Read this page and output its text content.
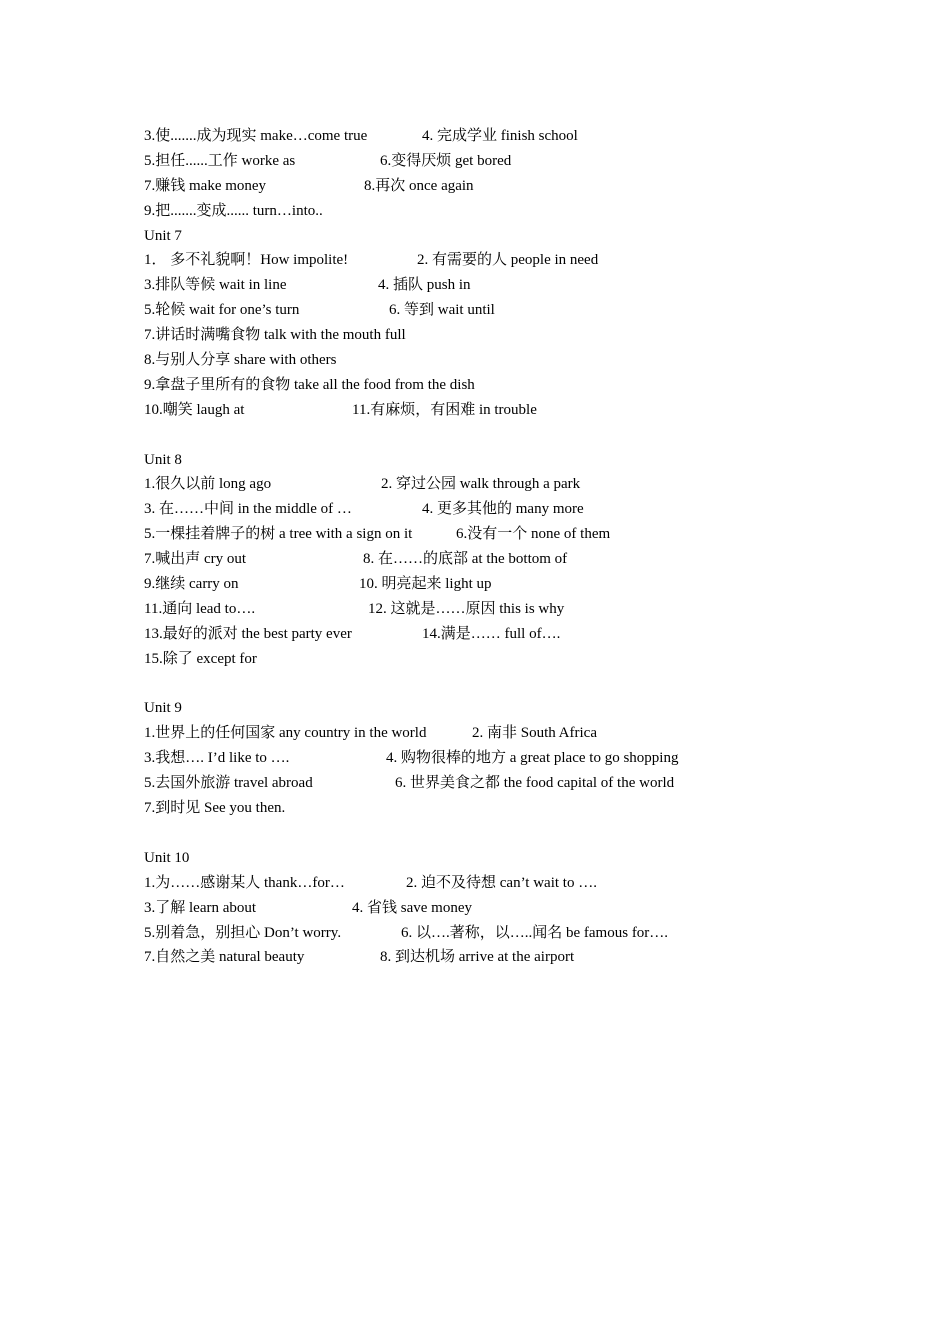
3.使.......成为现实 make…come true	4. 完成学业 finish school
5.担任......工作 worke as	6.变得厌烦 get bored
7.赚钱 make money	8.再次 once again
9.把.......变成...... turn…into..
Unit 7
1． 多不礼貌啊！How impolite!	2. 有需要的人 people in need
3.排队等候 wait in line	4. 插队 push in
5.轮候 wait for one’s turn	6. 等到 wait until
7.讲话时满嘴食物 talk with the mouth full
8.与别人分享 share with others
9.拿盘子里所有的食物 take all the food from the dish
10.嘲笑 laugh at	11.有麻烦，有困难 in trouble
Unit 8
1.很久以前 long ago	2. 穿过公园 walk through a park
3. 在……中间 in the middle of …	4. 更多其他的 many more
5.一棵挂着牌子的树 a tree with a sign on it	6.没有一个 none of them
7.喊出声 cry out	8. 在……的底部 at the bottom of
9.继续 carry on	10. 明亮起来 light up
11.通向 lead to….	12. 这就是……原因 this is why
13.最好的派对 the best party ever	14.满是…… full of….
15.除了 except for
Unit 9
1.世界上的任何国家 any country in the world	2. 南非 South Africa
3.我想…. I’d like to ….	4. 购物很棒的地方 a great place to go shopping
5.去国外旅游 travel abroad	6. 世界美食之都 the food capital of the world
7.到时见 See you then.
Unit 10
1.为……感谢某人 thank…for…	2. 迫不及待想 can’t wait to ….
3.了解 learn about	4. 省钱 save money
5.别着急，别担心 Don’t worry.	6. 以….著称，以…..闻名 be famous for….
7.自然之美 natural beauty	8. 到达机场 arrive at the airport
